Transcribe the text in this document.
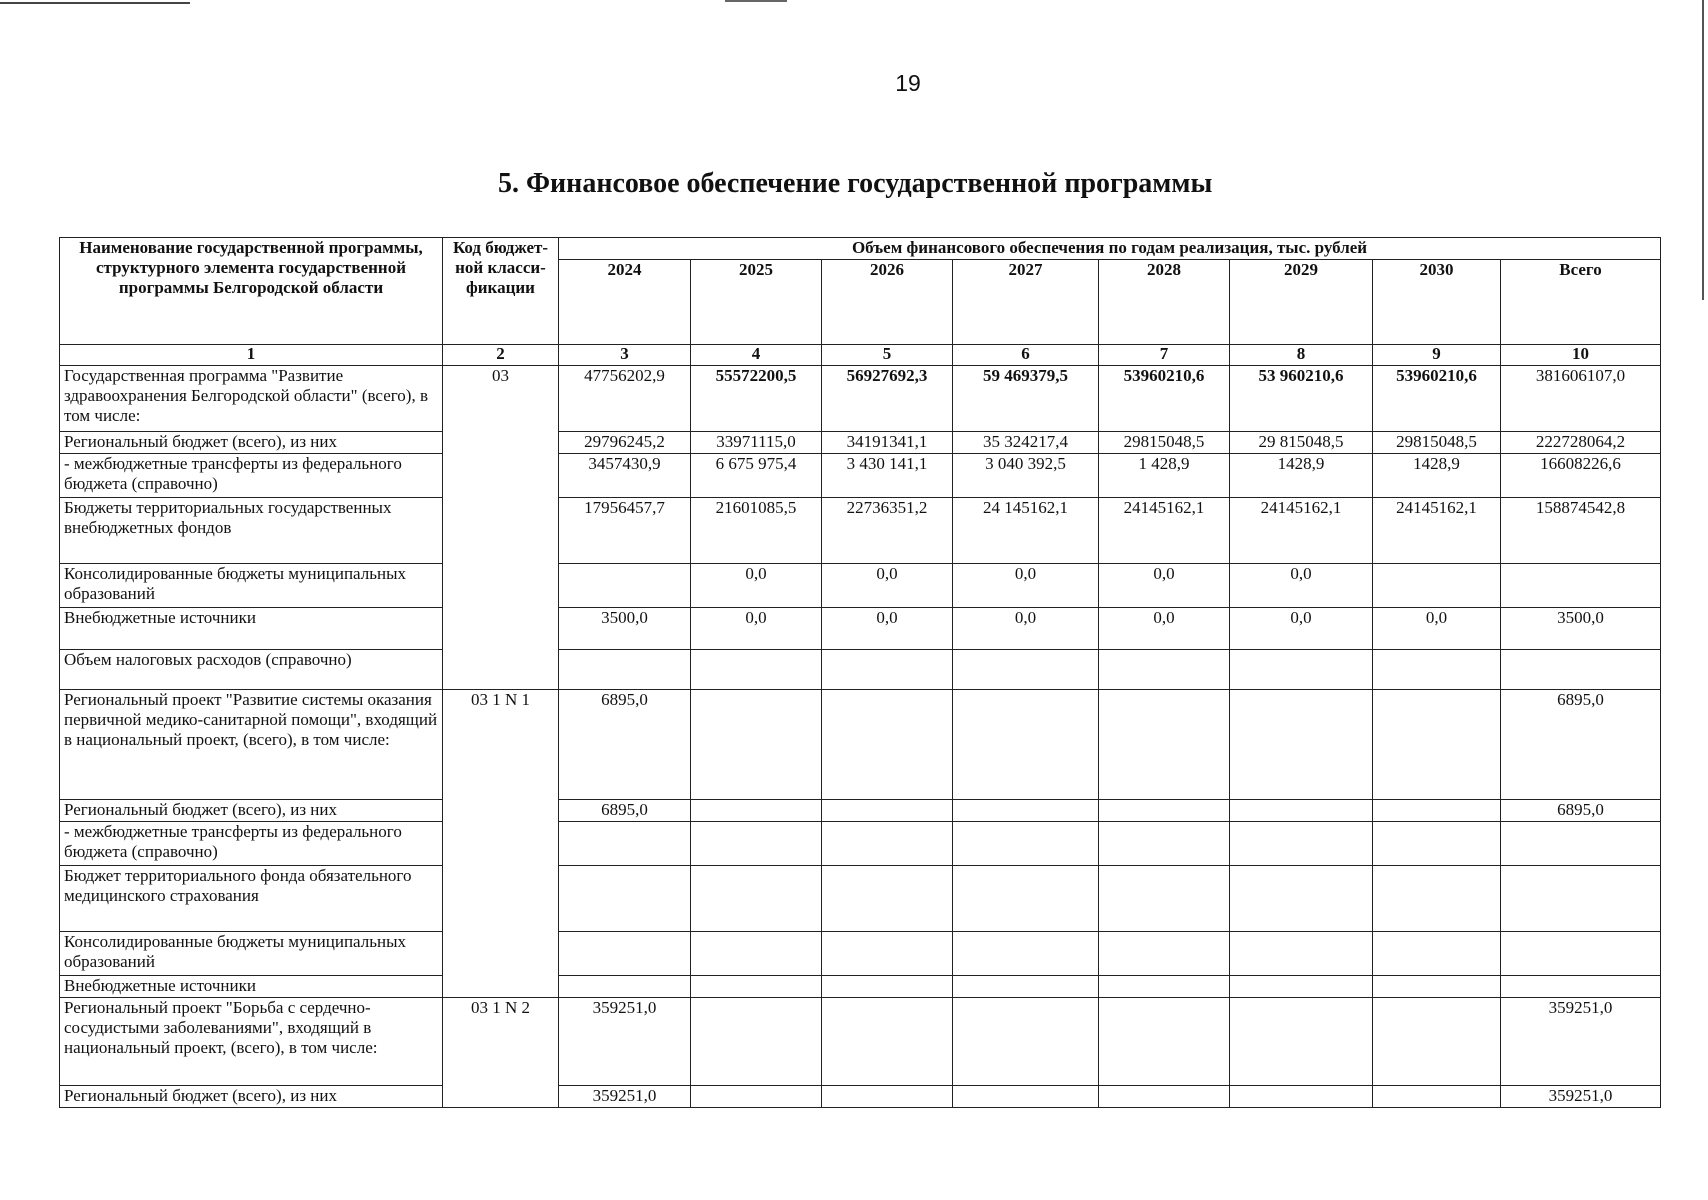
19
5. Финансовое обеспечение государственной программы
Наименование государственной программы, структурного элемента государственной программы Белгородской области	Код бюджет-ной класси-фикации	Объем финансового обеспечения по годам реализация, тыс. рублей							
		2024	2025	2026	2027	2028	2029	2030	Всего
1	2	3	4	5	6	7	8	9	10
Государственная программа "Развитие здравоохранения Белгородской области" (всего), в том числе:	03	47756202,9	55572200,5	56927692,3	59 469379,5	53960210,6	53 960210,6	53960210,6	381606107,0
Региональный бюджет (всего), из них		29796245,2	33971115,0	34191341,1	35 324217,4	29815048,5	29 815048,5	29815048,5	222728064,2
- межбюджетные трансферты из федерального бюджета (справочно)		3457430,9	6 675 975,4	3 430 141,1	3 040 392,5	1 428,9	1428,9	1428,9	16608226,6
Бюджеты территориальных государственных внебюджетных фондов		17956457,7	21601085,5	22736351,2	24 145162,1	24145162,1	24145162,1	24145162,1	158874542,8
Консолидированные бюджеты муниципальных образований			0,0	0,0	0,0	0,0	0,0		
Внебюджетные источники		3500,0	0,0	0,0	0,0	0,0	0,0	0,0	3500,0
Объем налоговых расходов (справочно)									
Региональный проект "Развитие системы оказания первичной медико-санитарной помощи", входящий в национальный проект, (всего), в том числе:	03 1 N 1	6895,0							6895,0
Региональный бюджет (всего), из них		6895,0							6895,0
- межбюджетные трансферты из федерального бюджета (справочно)									
Бюджет территориального фонда обязательного медицинского страхования									
Консолидированные бюджеты муниципальных образований									
Внебюджетные источники									
Региональный проект "Борьба с сердечно-сосудистыми заболеваниями", входящий в национальный проект, (всего), в том числе:	03 1 N 2	359251,0							359251,0
Региональный бюджет (всего), из них		359251,0							359251,0
